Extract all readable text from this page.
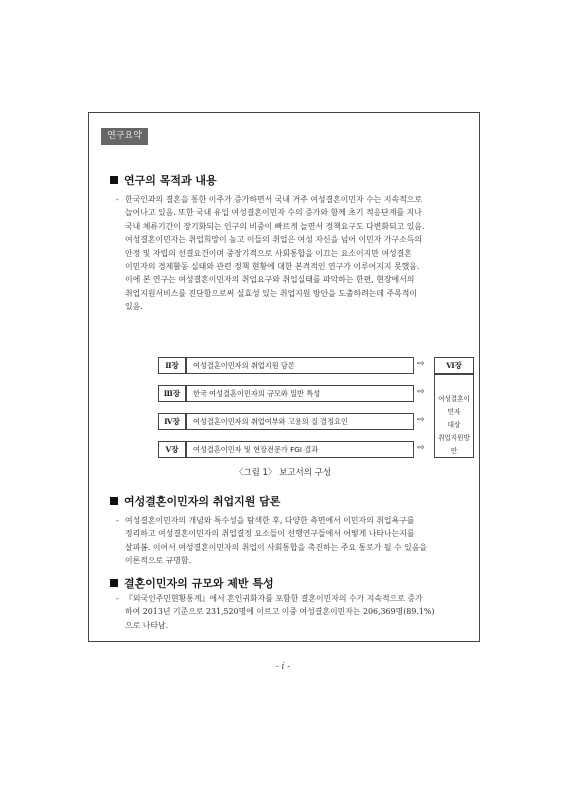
연구요약
연구의 목적과 내용

- 한국인과의 결혼을 통한 이주가 증가하면서 국내 거주 여성결혼이민자 수는 지속적으로
늘어나고 있음. 또한 국내 유입 여성결혼이민자 수의 증가와 함께 초기 적응단계를 지나
국내 체류기간이 장기화되는 인구의 비중이 빠르게 늘면서 정책요구도 다변화되고 있음.
여성결혼이민자는 취업희망이 높고 이들의 취업은 여성 자신을 넘어 이민자 가구소득의
안정 및 자립의 선결요건이며 중장기적으로 사회통합을 이끄는 요소이지만 여성결혼
이민자의 경제활동 실태와 관련 정책 현황에 대한 본격적인 연구가 이루어지지 못했음.
이에 본 연구는 여성결혼이민자의 취업요구와 취업실태를 파악하는 한편, 현장에서의
취업지원서비스를 진단함으로써 실효성 있는 취업지원 방안을 도출하려는데 주목적이
있음.

Ⅱ장	여성결혼이민자의 취업지원 담론	⇨
Ⅲ장	한국 여성결혼이민자의 규모와 일반 특성	⇨
Ⅳ장	여성결혼이민자의 취업여부와 고용의 질 결정요인	⇨
Ⅴ장	여성결혼이민자 및 현장전문가 FGI 결과	⇨
Ⅵ장
여성결혼이민자
대상
취업지원방안
〈그림 1〉 보고서의 구성
여성결혼이민자의 취업지원 담론

- 여성결혼이민자의 개념와 특수성을 탐색한 후, 다양한 측면에서 이민자의 취업욕구를
정리하고 여성결혼이민자의 취업결정 요소들이 선행연구들에서 어떻게 나타나는지를
살펴봄. 이어서 여성결혼이민자의 취업이 사회통합을 촉진하는 주요 통로가 될 수 있음을
이론적으로 규명함.

결혼이민자의 규모와 제반 특성

- 『외국인주민현황통계』에서 혼인귀화자를 포함한 결혼이민자의 수가 지속적으로 증가
하여 2013년 기준으로 231,520명에 이르고 이중 여성결혼이민자는 206,369명(89.1%)
으로 나타남.

- i -
